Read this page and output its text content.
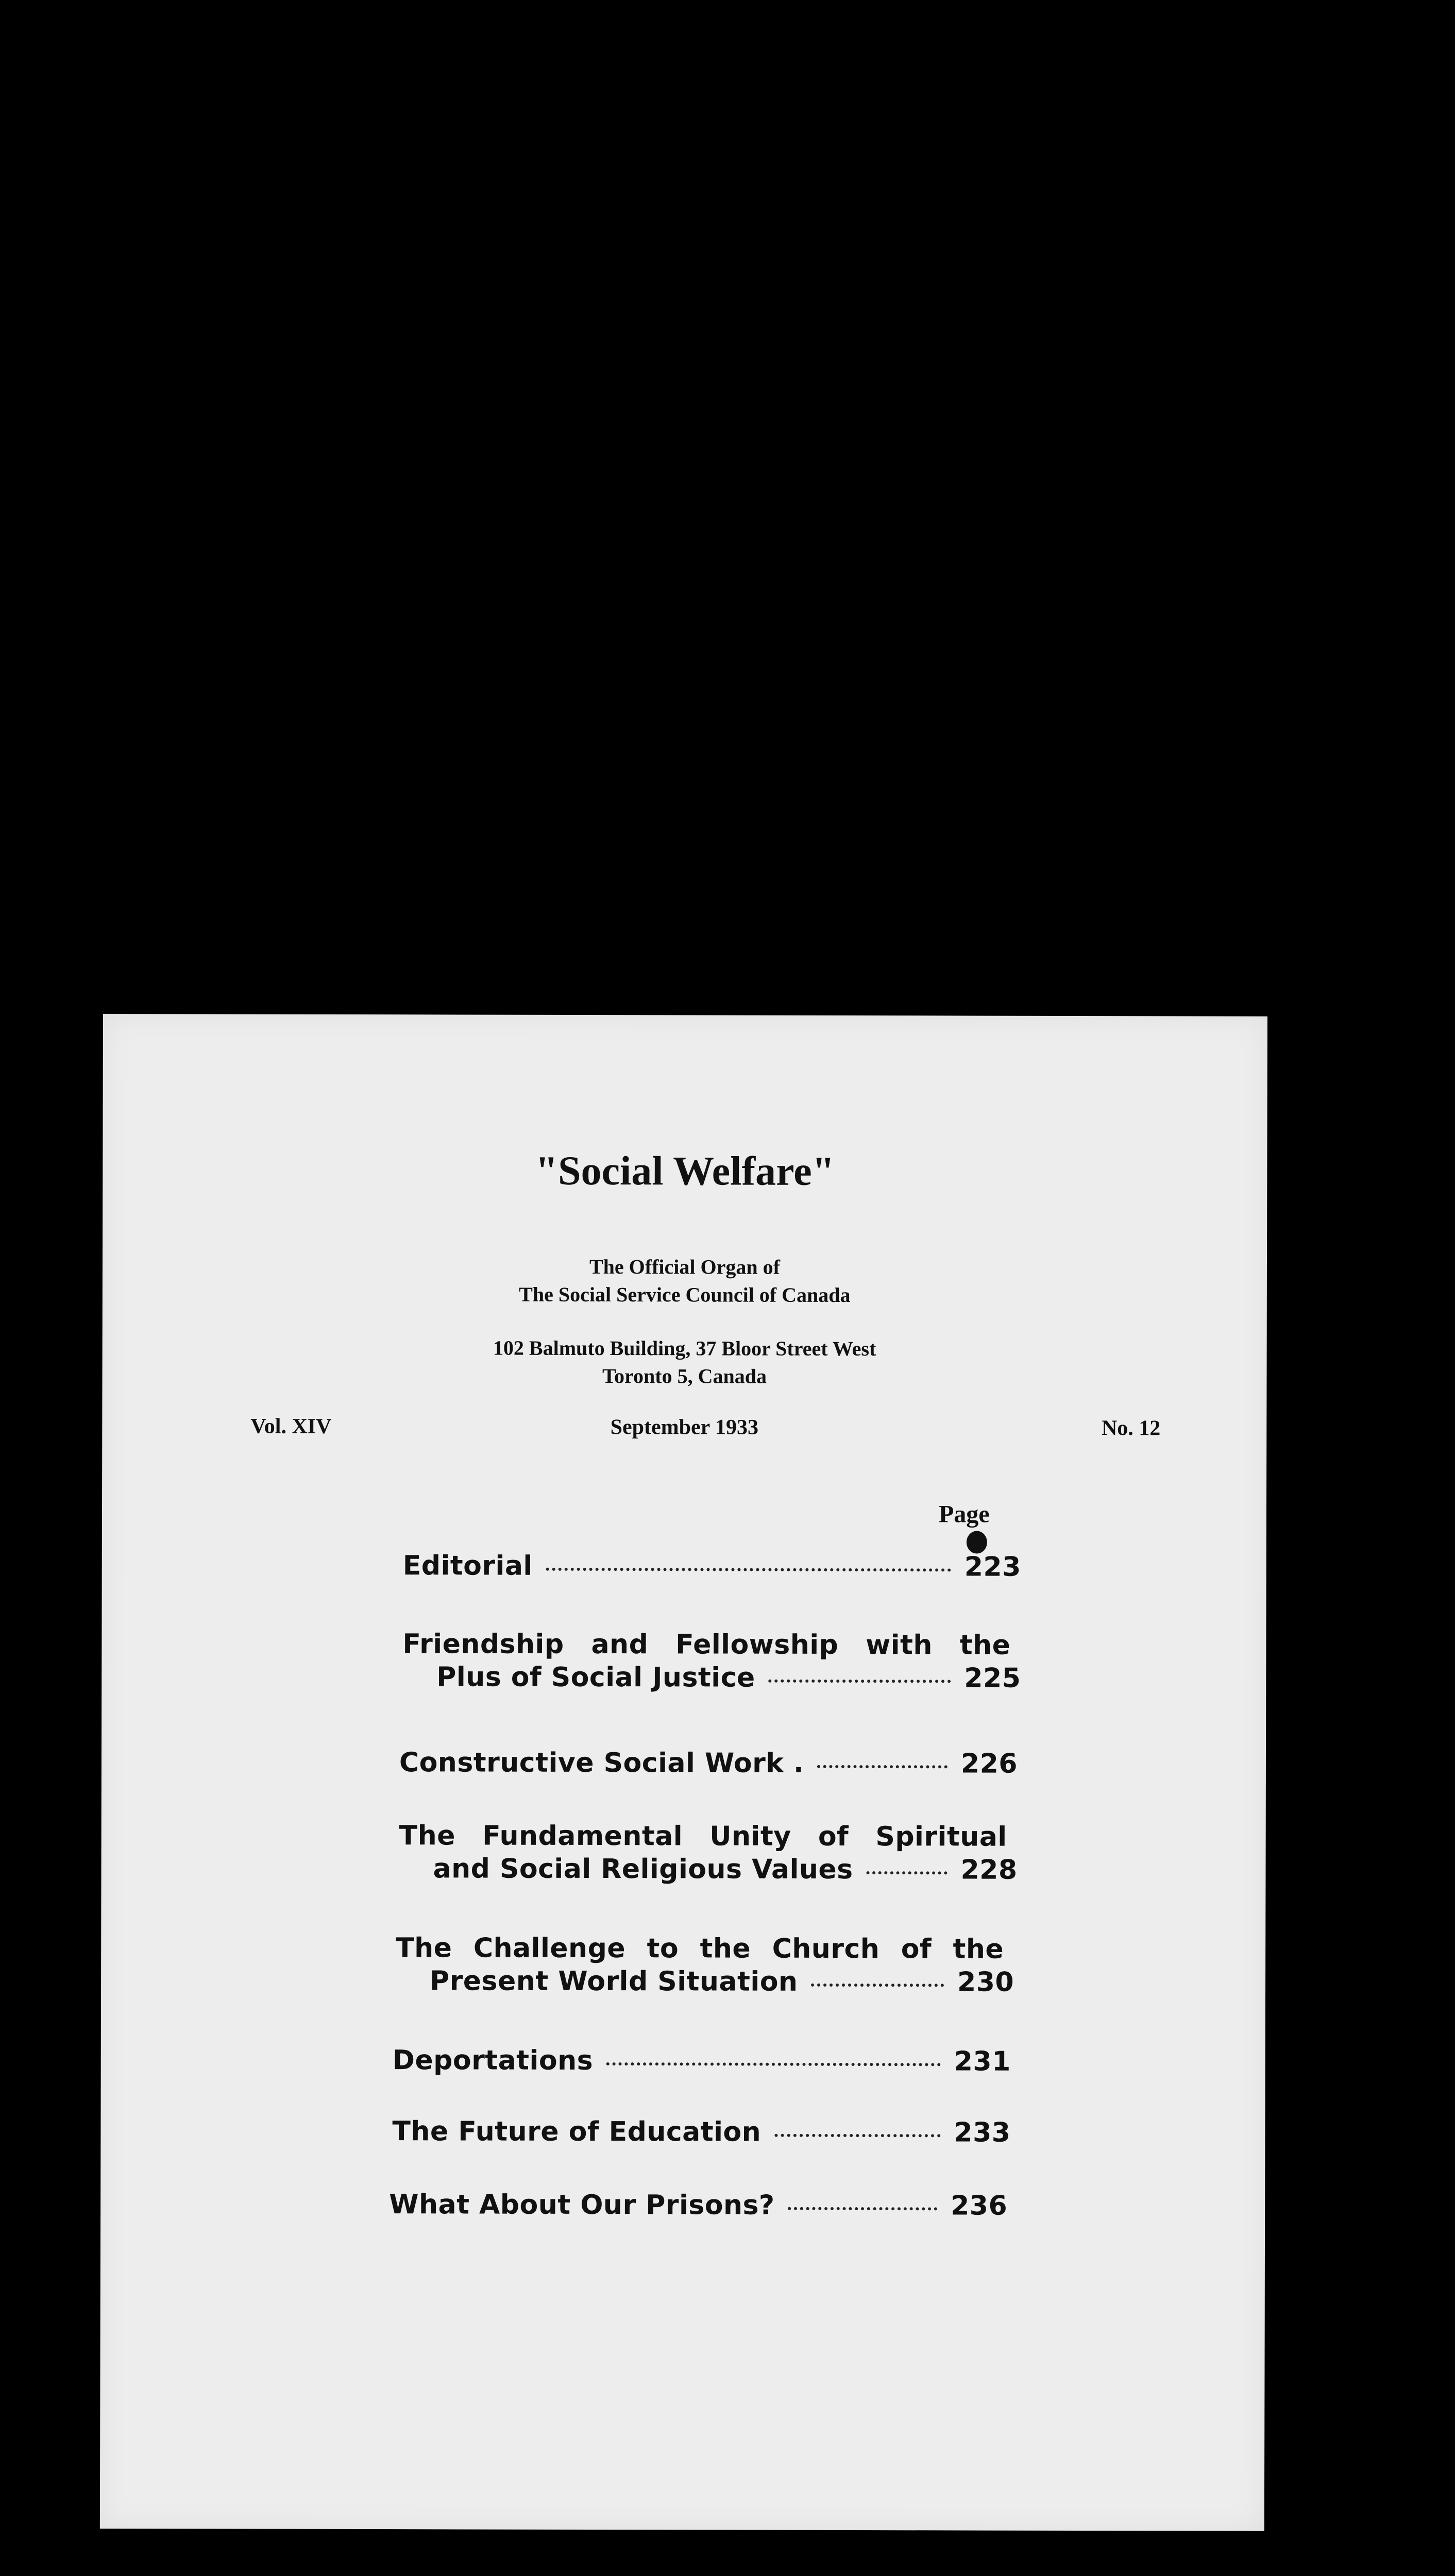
"Social Welfare"
The Official Organ of
The Social Service Council of Canada
102 Balmuto Building, 37 Bloor Street West
Toronto 5, Canada
Vol. XIV	September 1933	No. 12
Page
Editorial	223
Friendship and Fellowship with the
Plus of Social Justice	225
Constructive Social Work .	226
The Fundamental Unity of Spiritual
and Social Religious Values	228
The Challenge to the Church of the
Present World Situation	230
Deportations	231
The Future of Education	233
What About Our Prisons?	236
